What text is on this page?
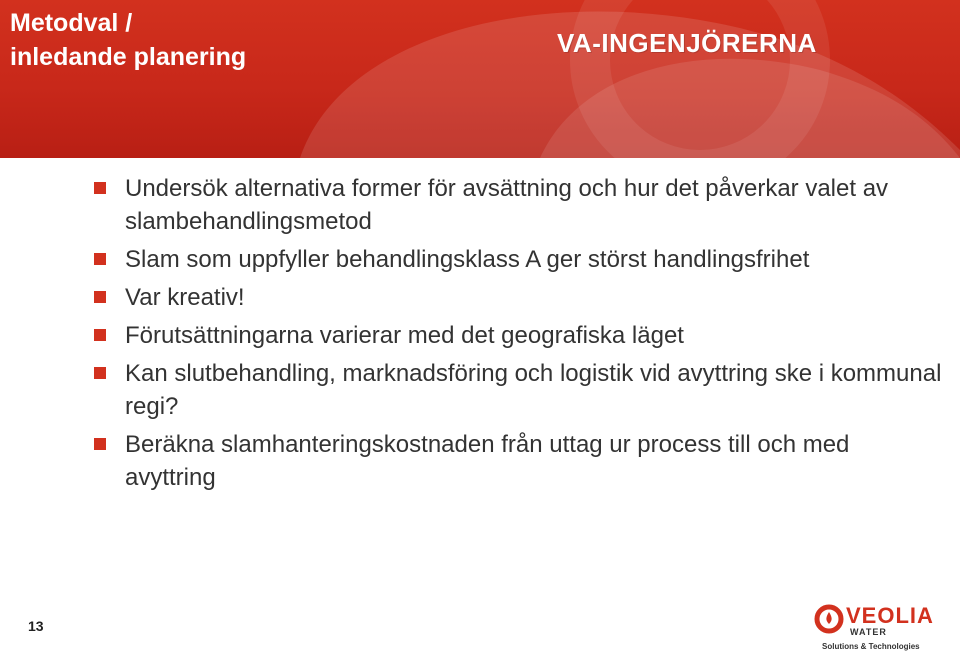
Metodval /
inledande planering	VA-INGENJÖRERNA
Undersök alternativa former för avsättning och hur det påverkar valet av slambehandlingsmetod
Slam som uppfyller behandlingsklass A ger störst handlingsfrihet
Var kreativ!
Förutsättningarna varierar med det geografiska läget
Kan slutbehandling, marknadsföring och logistik vid avyttring ske i kommunal regi?
Beräkna slamhanteringskostnaden från uttag ur process till och med avyttring
13	VEOLIA
WATER
Solutions & Technologies
